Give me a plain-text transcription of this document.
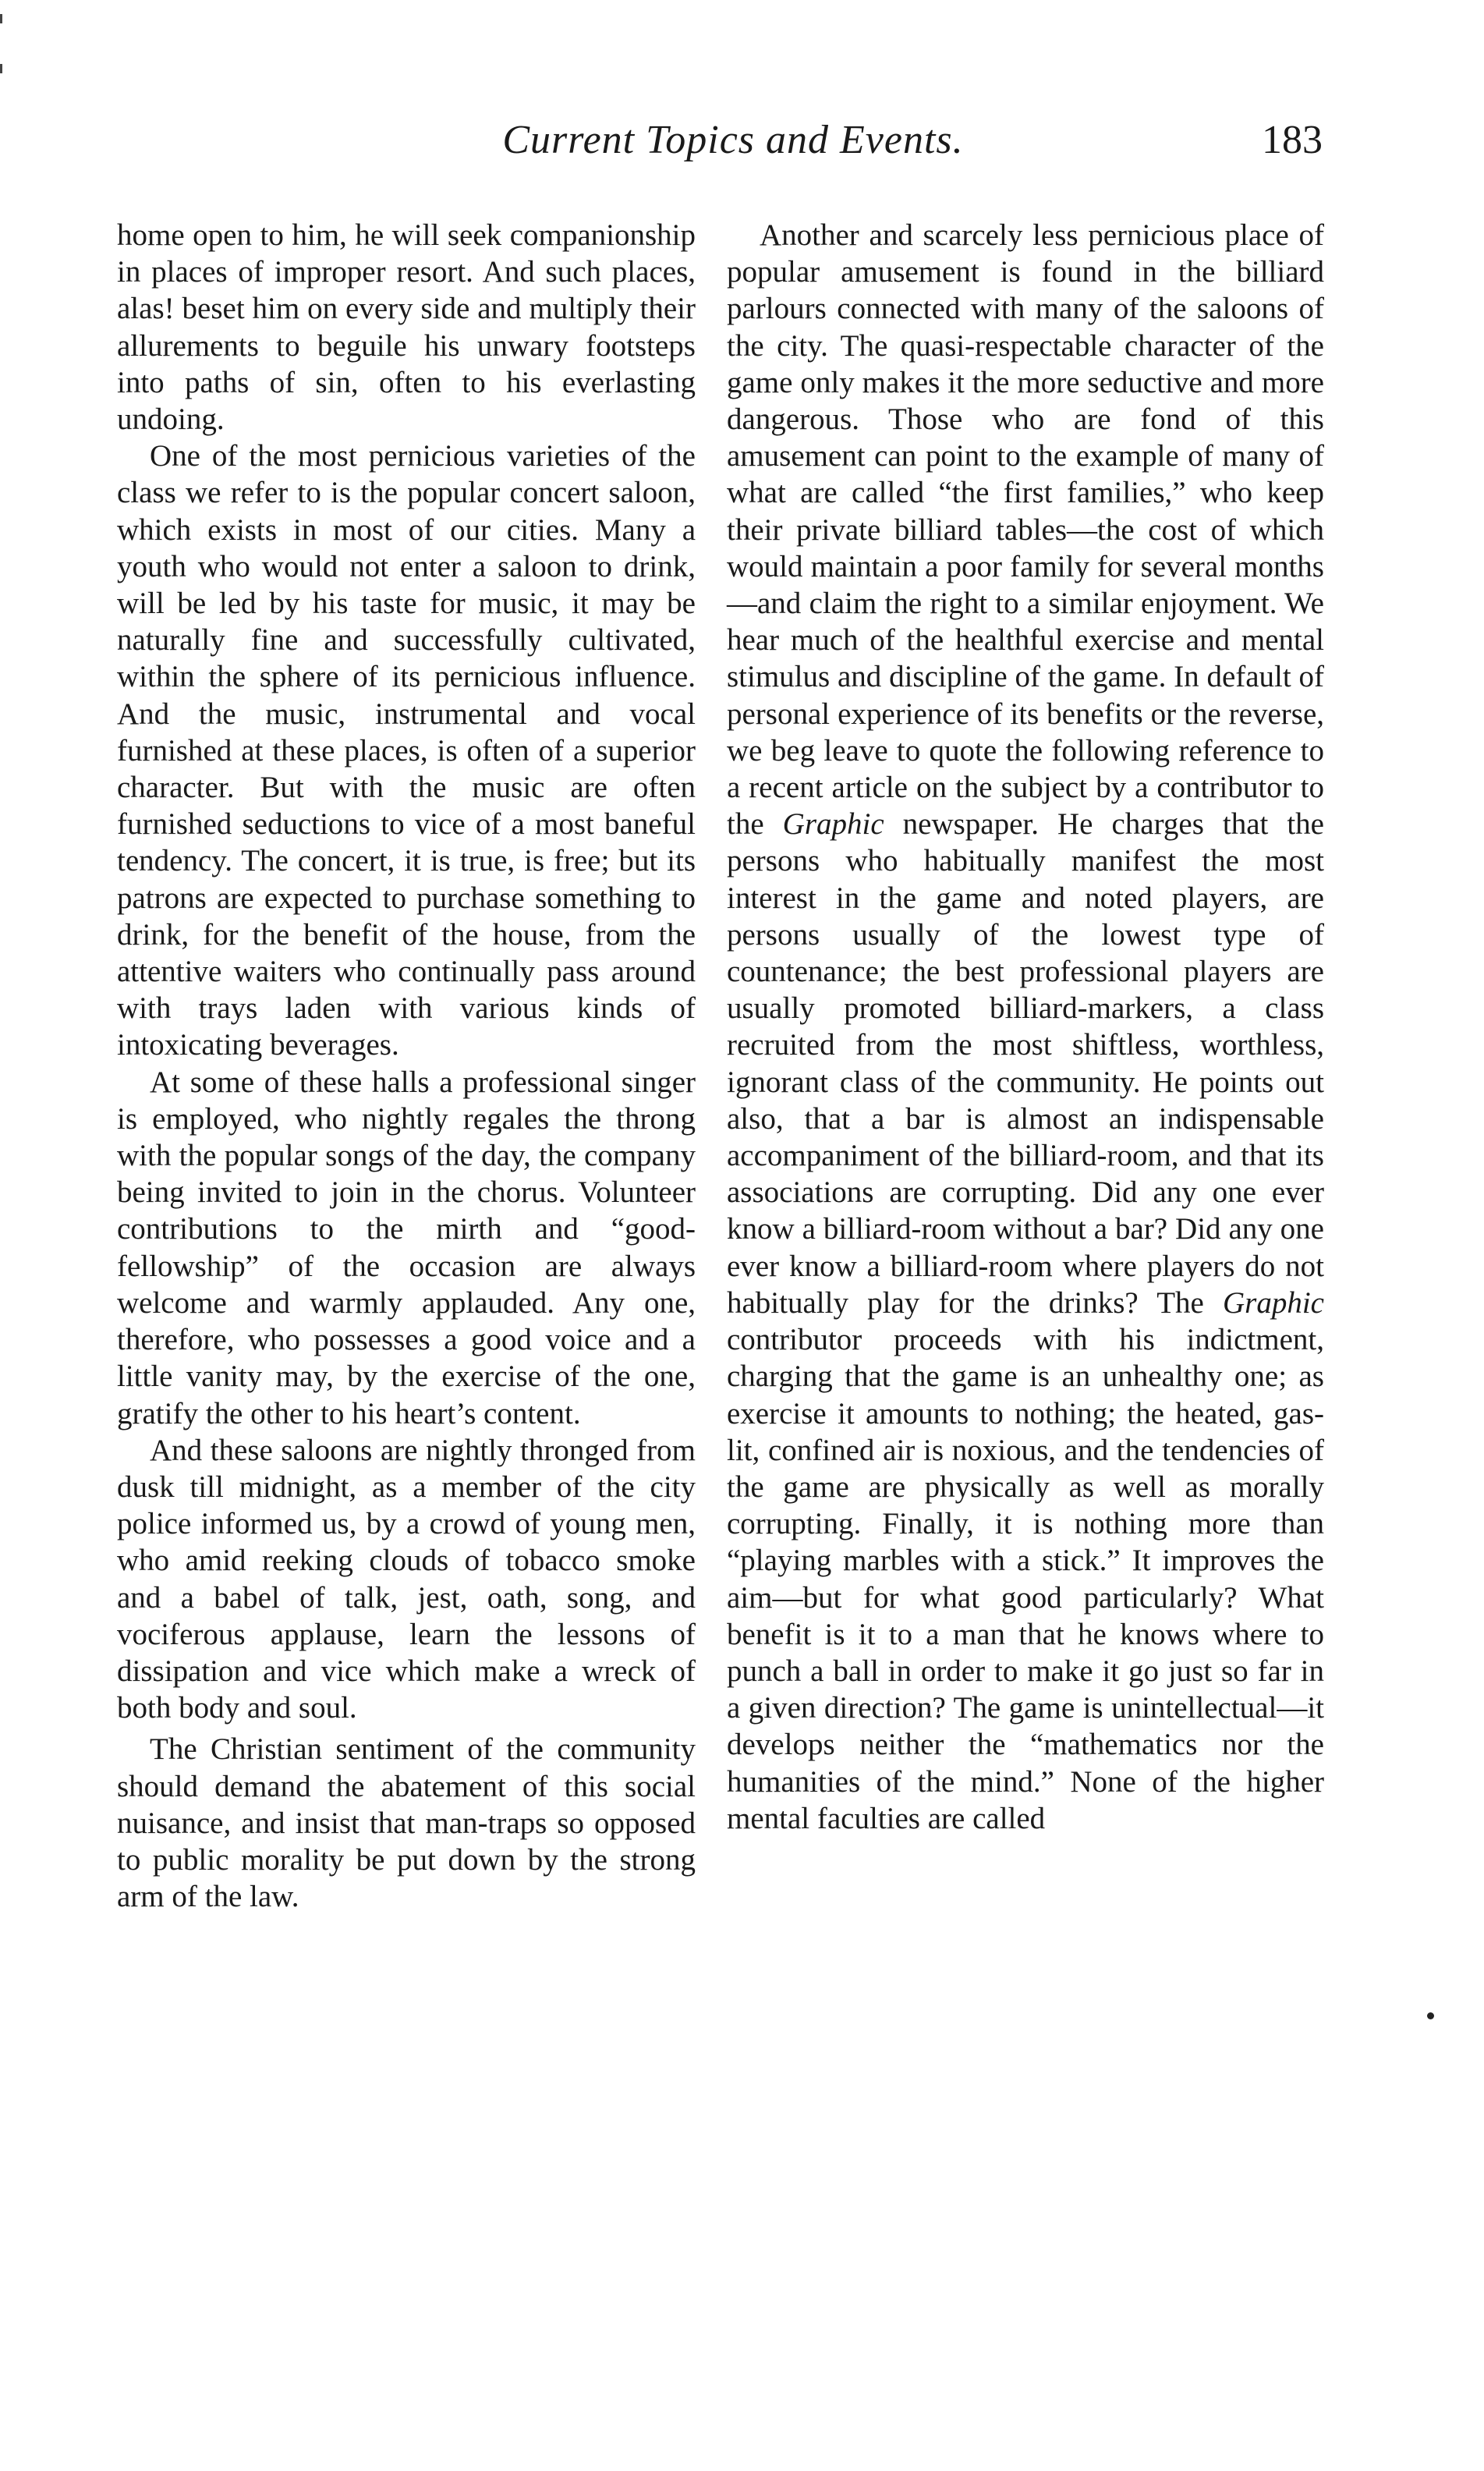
Current Topics and Events.	183

home open to him, he will seek companionship in places of improper resort. And such places, alas! beset him on every side and multiply their allurements to beguile his unwary footsteps into paths of sin, often to his everlasting undoing.

One of the most pernicious varieties of the class we refer to is the popular concert saloon, which exists in most of our cities. Many a youth who would not enter a saloon to drink, will be led by his taste for music, it may be naturally fine and successfully cultivated, within the sphere of its pernicious influence. And the music, instrumental and vocal furnished at these places, is often of a superior character. But with the music are often furnished seductions to vice of a most baneful tendency. The concert, it is true, is free; but its patrons are expected to purchase something to drink, for the benefit of the house, from the attentive waiters who continually pass around with trays laden with various kinds of intoxicating beverages.

At some of these halls a professional singer is employed, who nightly regales the throng with the popular songs of the day, the company being invited to join in the chorus. Volunteer contributions to the mirth and “good-fellowship” of the occasion are always welcome and warmly applauded. Any one, therefore, who possesses a good voice and a little vanity may, by the exercise of the one, gratify the other to his heart’s content.

And these saloons are nightly thronged from dusk till midnight, as a member of the city police informed us, by a crowd of young men, who amid reeking clouds of tobacco smoke and a babel of talk, jest, oath, song, and vociferous applause, learn the lessons of dissipation and vice which make a wreck of both body and soul.

The Christian sentiment of the community should demand the abatement of this social nuisance, and insist that man-traps so opposed to public morality be put down by the strong arm of the law.

Another and scarcely less pernicious place of popular amusement is found in the billiard parlours connected with many of the saloons of the city. The quasi-respectable character of the game only makes it the more seductive and more dangerous. Those who are fond of this amusement can point to the example of many of what are called “the first families,” who keep their private billiard tables—the cost of which would maintain a poor family for several months—and claim the right to a similar enjoyment. We hear much of the healthful exercise and mental stimulus and discipline of the game. In default of personal experience of its benefits or the reverse, we beg leave to quote the following reference to a recent article on the subject by a contributor to the Graphic newspaper. He charges that the persons who habitually manifest the most interest in the game and noted players, are persons usually of the lowest type of countenance; the best professional players are usually promoted billiard-markers, a class recruited from the most shiftless, worthless, ignorant class of the community. He points out also, that a bar is almost an indispensable accompaniment of the billiard-room, and that its associations are corrupting. Did any one ever know a billiard-room without a bar? Did any one ever know a billiard-room where players do not habitually play for the drinks? The Graphic contributor proceeds with his indictment, charging that the game is an unhealthy one; as exercise it amounts to nothing; the heated, gas-lit, confined air is noxious, and the tendencies of the game are physically as well as morally corrupting. Finally, it is nothing more than “playing marbles with a stick.” It improves the aim—but for what good particularly? What benefit is it to a man that he knows where to punch a ball in order to make it go just so far in a given direction? The game is unintellectual—it develops neither the “mathematics nor the humanities of the mind.” None of the higher mental faculties are called
